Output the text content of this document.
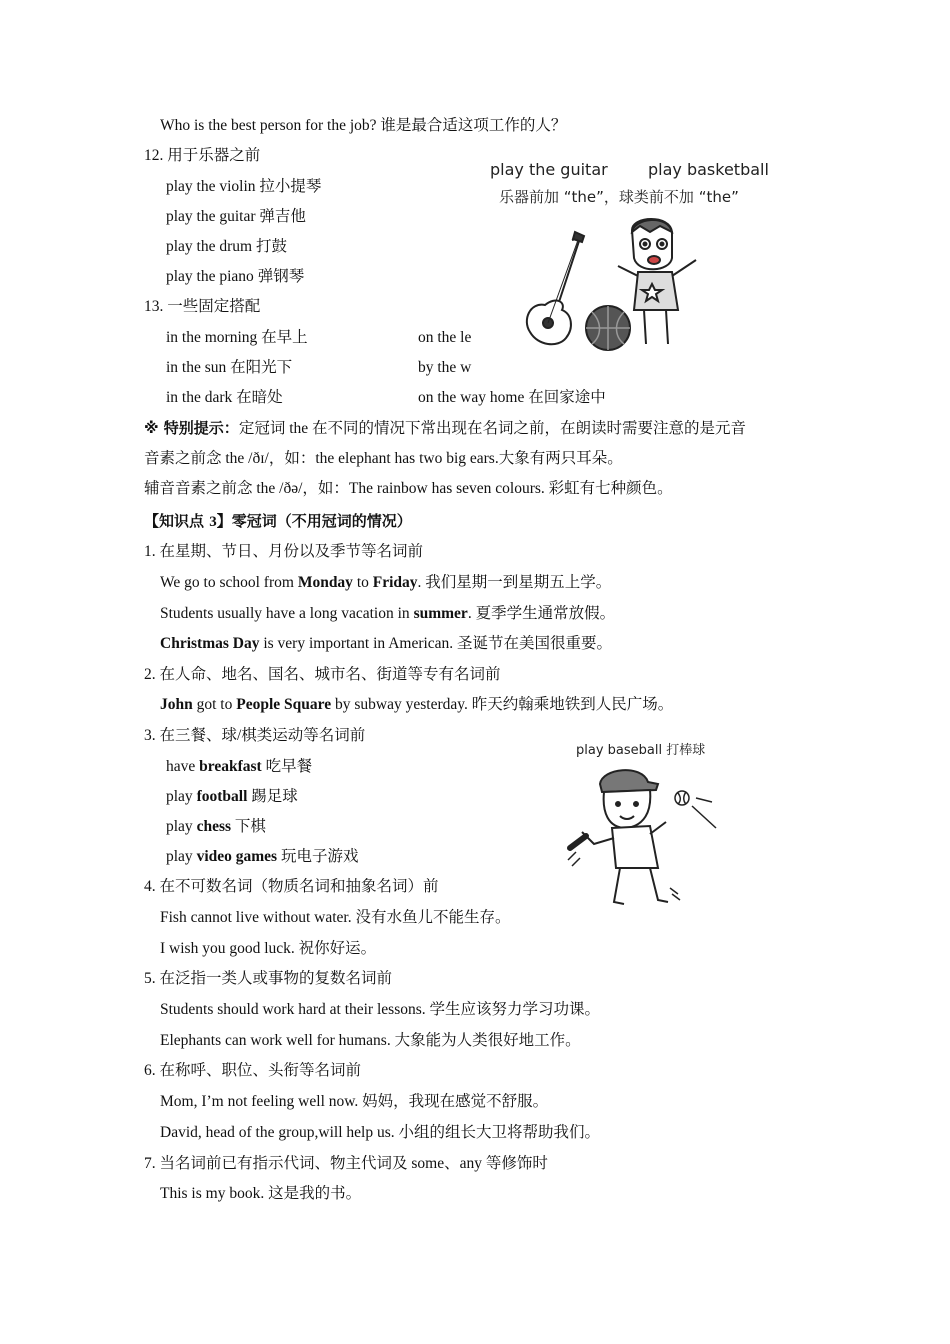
Who is the best person for the job? 谁是最合适这项工作的人？
12. 用于乐器之前
play the violin 拉小提琴
play the guitar 弹吉他
play the drum 打鼓
play the piano 弹钢琴
13. 一些固定搭配
in the morning 在早上
in the sun 在阳光下
in the dark 在暗处
on the le
by the w
on the way home 在回家途中
※ 特别提示：定冠词 the 在不同的情况下常出现在名词之前，在朗读时需要注意的是元音
音素之前念 the /ðɪ/，如：the elephant has two big ears.大象有两只耳朵。
辅音音素之前念 the /ðə/，如：The rainbow has seven colours. 彩虹有七种颜色。
play the guitar	play basketball
乐器前加 “the”，球类前不加 “the”
【知识点 3】零冠词（不用冠词的情况）
1. 在星期、节日、月份以及季节等名词前
We go to school from Monday to Friday. 我们星期一到星期五上学。
Students usually have a long vacation in summer. 夏季学生通常放假。
Christmas Day is very important in American. 圣诞节在美国很重要。
2. 在人命、地名、国名、城市名、街道等专有名词前
John got to People Square by subway yesterday. 昨天约翰乘地铁到人民广场。
3. 在三餐、球/棋类运动等名词前
have breakfast 吃早餐
play football 踢足球
play chess 下棋
play video games 玩电子游戏
4. 在不可数名词（物质名词和抽象名词）前
Fish cannot live without water. 没有水鱼儿不能生存。
I wish you good luck. 祝你好运。
5. 在泛指一类人或事物的复数名词前
Students should work hard at their lessons. 学生应该努力学习功课。
Elephants can work well for humans. 大象能为人类很好地工作。
6. 在称呼、职位、头衔等名词前
Mom, I’m not feeling well now. 妈妈，我现在感觉不舒服。
David, head of the group,will help us. 小组的组长大卫将帮助我们。
7. 当名词前已有指示代词、物主代词及 some、any 等修饰时
This is my book. 这是我的书。
play baseball 打棒球
